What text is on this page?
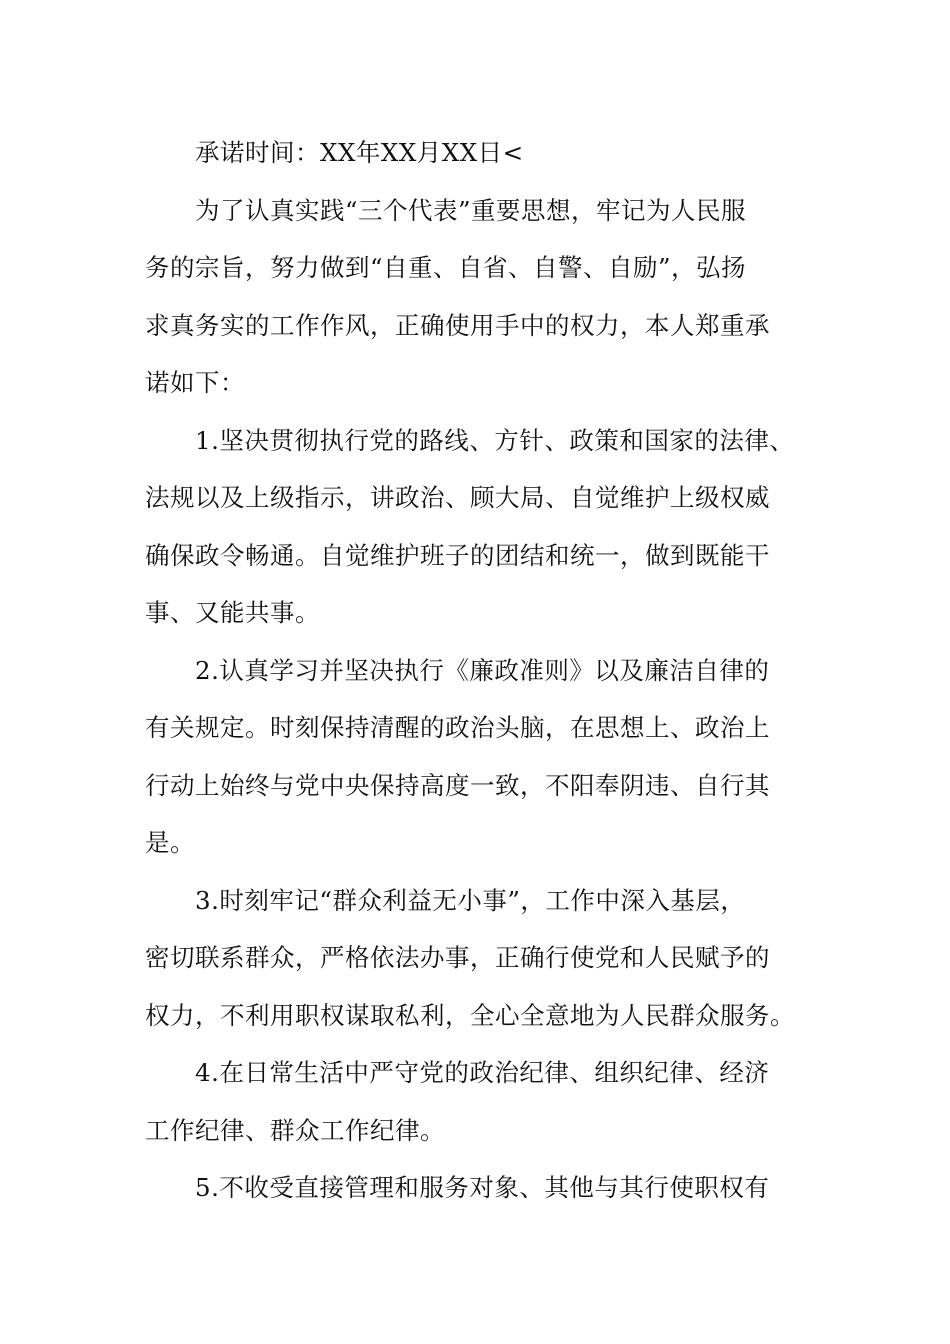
承诺时间：XX年XX月XX日<
为了认真实践“三个代表”重要思想，牢记为人民服
务的宗旨，努力做到“自重、自省、自警、自励”，弘扬
求真务实的工作作风，正确使用手中的权力，本人郑重承
诺如下：
1.坚决贯彻执行党的路线、方针、政策和国家的法律、
法规以及上级指示，讲政治、顾大局、自觉维护上级权威
确保政令畅通。自觉维护班子的团结和统一，做到既能干
事、又能共事。
2.认真学习并坚决执行《廉政准则》以及廉洁自律的
有关规定。时刻保持清醒的政治头脑，在思想上、政治上
行动上始终与党中央保持高度一致，不阳奉阴违、自行其
是。
3.时刻牢记“群众利益无小事”，工作中深入基层，
密切联系群众，严格依法办事，正确行使党和人民赋予的
权力，不利用职权谋取私利，全心全意地为人民群众服务。
4.在日常生活中严守党的政治纪律、组织纪律、经济
工作纪律、群众工作纪律。
5.不收受直接管理和服务对象、其他与其行使职权有
